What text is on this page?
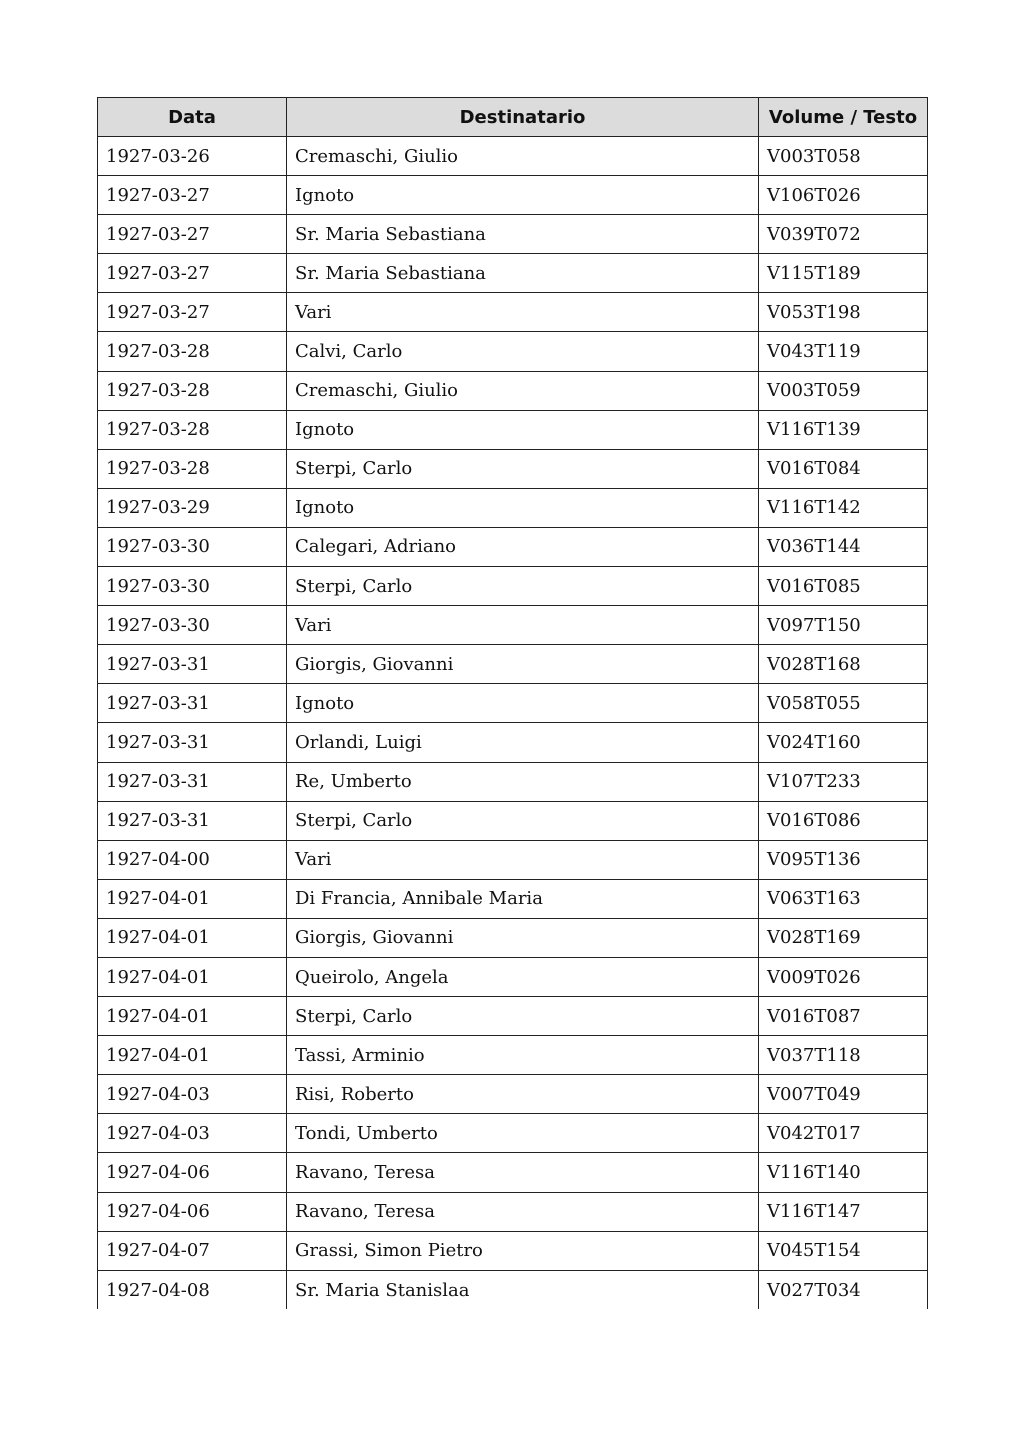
Data	Destinatario	Volume / Testo
1927-03-26	Cremaschi, Giulio	V003T058
1927-03-27	Ignoto	V106T026
1927-03-27	Sr. Maria Sebastiana	V039T072
1927-03-27	Sr. Maria Sebastiana	V115T189
1927-03-27	Vari	V053T198
1927-03-28	Calvi, Carlo	V043T119
1927-03-28	Cremaschi, Giulio	V003T059
1927-03-28	Ignoto	V116T139
1927-03-28	Sterpi, Carlo	V016T084
1927-03-29	Ignoto	V116T142
1927-03-30	Calegari, Adriano	V036T144
1927-03-30	Sterpi, Carlo	V016T085
1927-03-30	Vari	V097T150
1927-03-31	Giorgis, Giovanni	V028T168
1927-03-31	Ignoto	V058T055
1927-03-31	Orlandi, Luigi	V024T160
1927-03-31	Re, Umberto	V107T233
1927-03-31	Sterpi, Carlo	V016T086
1927-04-00	Vari	V095T136
1927-04-01	Di Francia, Annibale Maria	V063T163
1927-04-01	Giorgis, Giovanni	V028T169
1927-04-01	Queirolo, Angela	V009T026
1927-04-01	Sterpi, Carlo	V016T087
1927-04-01	Tassi, Arminio	V037T118
1927-04-03	Risi, Roberto	V007T049
1927-04-03	Tondi, Umberto	V042T017
1927-04-06	Ravano, Teresa	V116T140
1927-04-06	Ravano, Teresa	V116T147
1927-04-07	Grassi, Simon Pietro	V045T154
1927-04-08	Sr. Maria Stanislaa	V027T034
